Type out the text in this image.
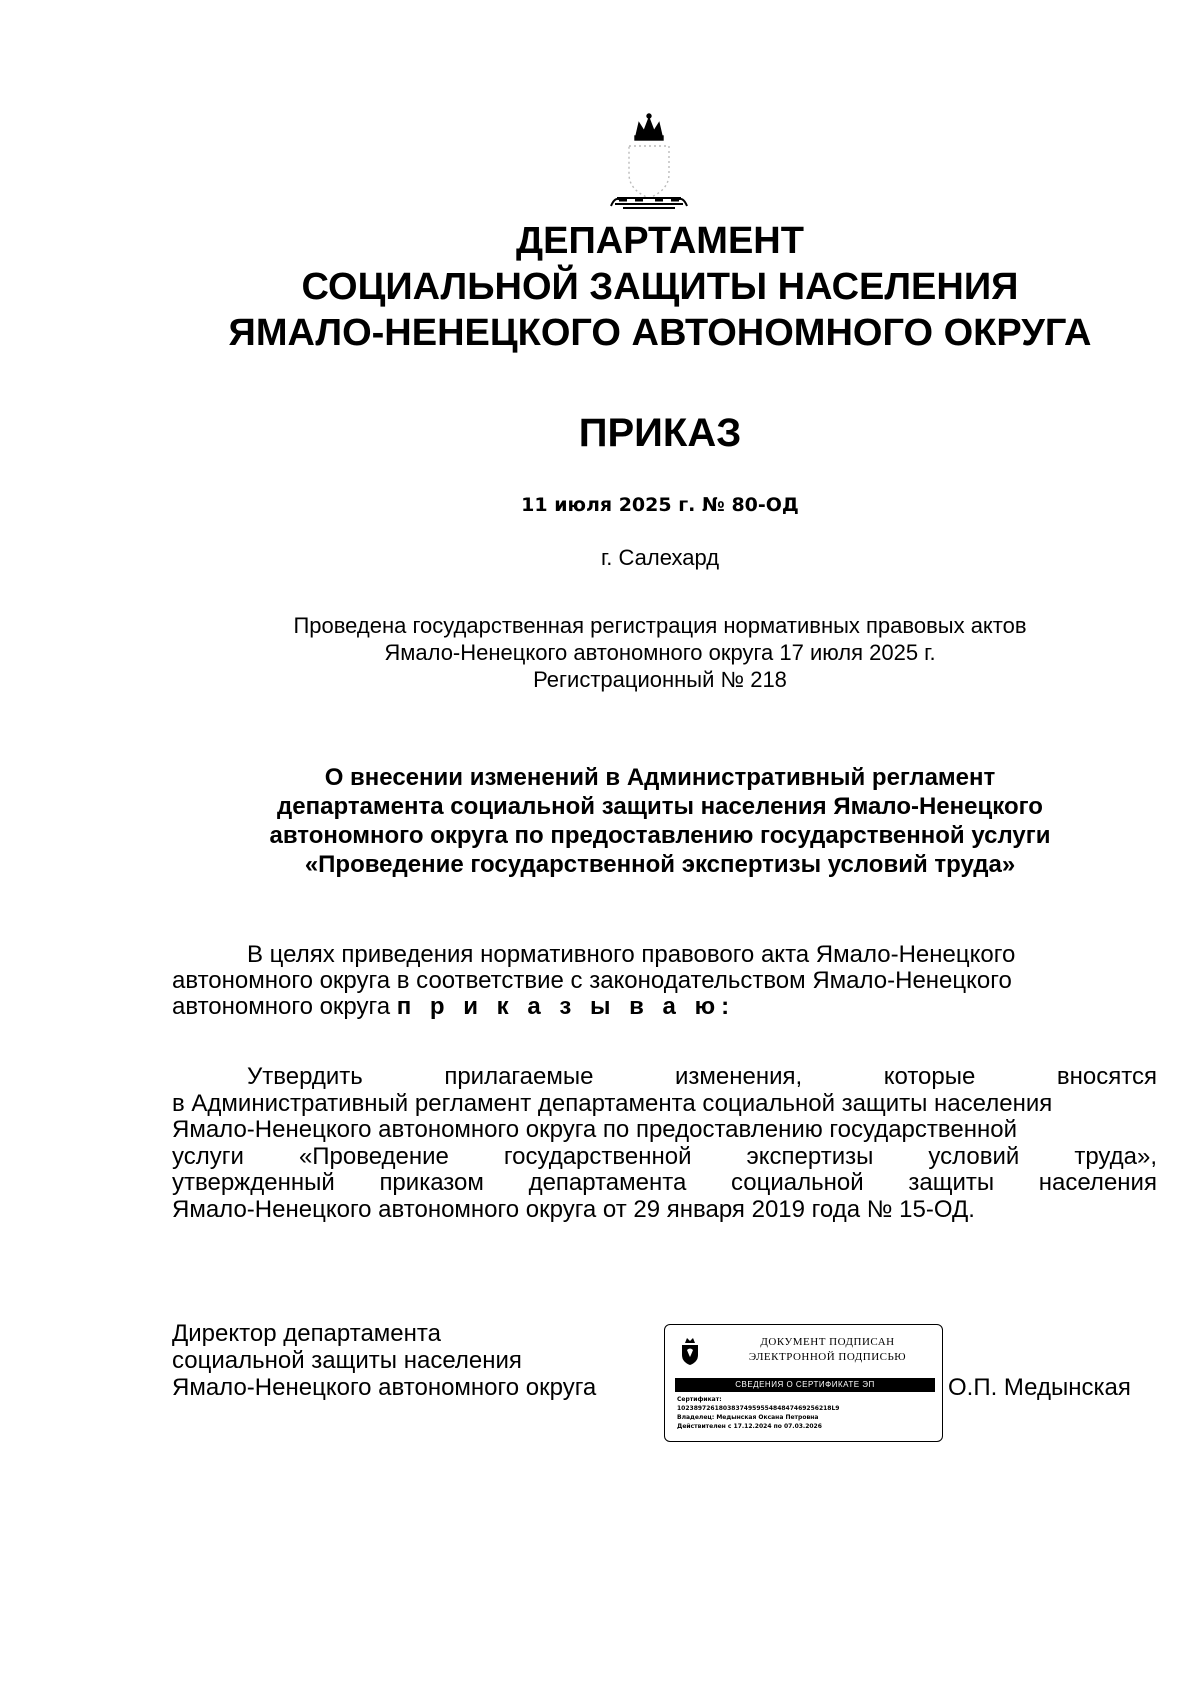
ДЕПАРТАМЕНТ
СОЦИАЛЬНОЙ ЗАЩИТЫ НАСЕЛЕНИЯ
ЯМАЛО-НЕНЕЦКОГО АВТОНОМНОГО ОКРУГА
ПРИКАЗ
11 июля 2025 г. № 80-ОД
г. Салехард
Проведена государственная регистрация нормативных правовых актов
Ямало-Ненецкого автономного округа 17 июля 2025 г.
Регистрационный № 218
О внесении изменений в Административный регламент
департамента социальной защиты населения Ямало-Ненецкого
автономного округа по предоставлению государственной услуги
«Проведение государственной экспертизы условий труда»
В целях приведения нормативного правового акта Ямало-Ненецкого
автономного округа в соответствие с законодательством Ямало-Ненецкого
автономного округа п р и к а з ы в а ю:
Утвердить	прилагаемые	изменения,	которые	вносятся
в Административный регламент департамента социальной защиты населения
Ямало-Ненецкого автономного округа по предоставлению государственной
услуги «Проведение государственной экспертизы условий труда»,
утвержденный приказом департамента социальной защиты населения
Ямало-Ненецкого автономного округа от 29 января 2019 года № 15-ОД.
Директор департамента
социальной защиты населения
Ямало-Ненецкого автономного округа
ДОКУМЕНТ ПОДПИСАН
ЭЛЕКТРОННОЙ ПОДПИСЬЮ
СВЕДЕНИЯ О СЕРТИФИКАТЕ ЭП
Сертификат:
1023897261803837495955484847469256218L9
Владелец: Медынская Оксана Петровна
Действителен с 17.12.2024 по 07.03.2026
О.П. Медынская
